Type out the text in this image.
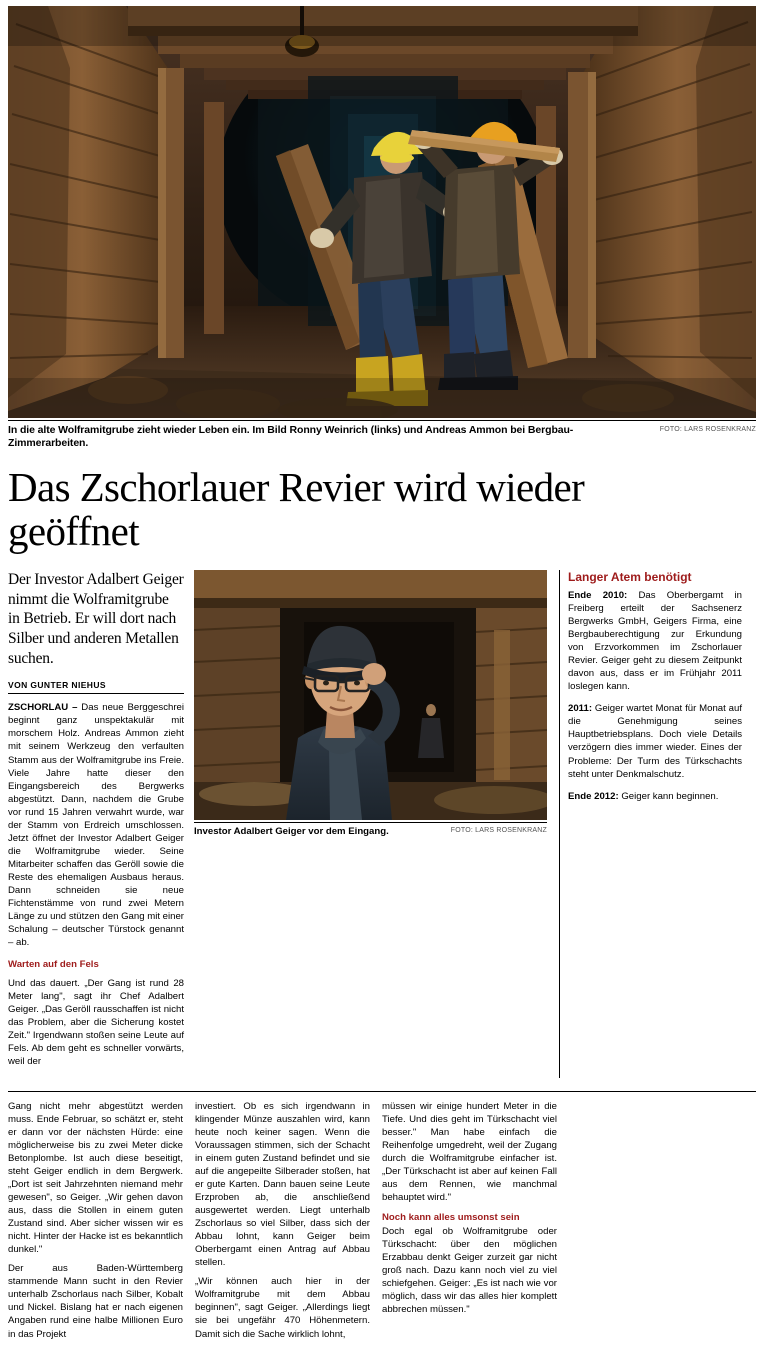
In die alte Wolframitgrube zieht wieder Leben ein. Im Bild Ronny Weinrich (links) und Andreas Ammon bei Bergbau-Zimmerarbeiten.
FOTO: LARS ROSENKRANZ
Das Zschorlauer Revier wird wieder geöffnet

Der Investor Adalbert Geiger nimmt die Wolframitgrube in Betrieb. Er will dort nach Silber und anderen Metallen suchen.

VON GUNTER NIEHUS

ZSCHORLAU – Das neue Berggeschrei beginnt ganz unspektakulär mit morschem Holz. Andreas Ammon zieht mit seinem Werkzeug den verfaulten Stamm aus der Wolframitgrube ins Freie. Viele Jahre hatte dieser den Eingangsbereich des Bergwerks abgestützt. Dann, nachdem die Grube vor rund 15 Jahren verwahrt wurde, war der Stamm von Erdreich umschlossen. Jetzt öffnet der Investor Adalbert Geiger die Wolframitgrube wieder. Seine Mitarbeiter schaffen das Geröll sowie die Reste des ehemaligen Ausbaus heraus. Dann schneiden sie neue Fichtenstämme von rund zwei Metern Länge zu und stützen den Gang mit einer Schalung – deutscher Türstock genannt – ab.

Warten auf den Fels

Und das dauert. „Der Gang ist rund 28 Meter lang", sagt ihr Chef Adalbert Geiger. „Das Geröll rausschaffen ist nicht das Problem, aber die Sicherung kostet Zeit." Irgendwann stoßen seine Leute auf Fels. Ab dem geht es schneller vorwärts, weil der

Investor Adalbert Geiger vor dem Eingang.	FOTO: LARS ROSENKRANZ
Langer Atem benötigt

Ende 2010: Das Oberbergamt in Freiberg erteilt der Sachsenerz Bergwerks GmbH, Geigers Firma, eine Bergbauberechtigung zur Erkundung von Erzvorkommen im Zschorlauer Revier. Geiger geht zu diesem Zeitpunkt davon aus, dass er im Frühjahr 2011 loslegen kann.

2011: Geiger wartet Monat für Monat auf die Genehmigung seines Hauptbetriebsplans. Doch viele Details verzögern dies immer wieder. Eines der Probleme: Der Turm des Türkschachts steht unter Denkmalschutz.

Ende 2012: Geiger kann beginnen.

Gang nicht mehr abgestützt werden muss. Ende Februar, so schätzt er, steht er dann vor der nächsten Hürde: eine möglicherweise bis zu zwei Meter dicke Betonplombe. Ist auch diese beseitigt, steht Geiger endlich in dem Bergwerk. „Dort ist seit Jahrzehnten niemand mehr gewesen", so Geiger. „Wir gehen davon aus, dass die Stollen in einem guten Zustand sind. Aber sicher wissen wir es nicht. Hinter der Hacke ist es bekanntlich dunkel."

Der aus Baden-Württemberg stammende Mann sucht in den Revier unterhalb Zschorlaus nach Silber, Kobalt und Nickel. Bislang hat er nach eigenen Angaben rund eine halbe Millionen Euro in das Projekt

investiert. Ob es sich irgendwann in klingender Münze auszahlen wird, kann heute noch keiner sagen. Wenn die Voraussagen stimmen, sich der Schacht in einem guten Zustand befindet und sie auf die angepeilte Silberader stoßen, hat er gute Karten. Dann bauen seine Leute Erzproben ab, die anschließend ausgewertet werden. Liegt unterhalb Zschorlaus so viel Silber, dass sich der Abbau lohnt, kann Geiger beim Oberbergamt einen Antrag auf Abbau stellen.

„Wir können auch hier in der Wolframitgrube mit dem Abbau beginnen", sagt Geiger. „Allerdings liegt sie bei ungefähr 470 Höhenmetern. Damit sich die Sache wirklich lohnt,

müssen wir einige hundert Meter in die Tiefe. Und dies geht im Türkschacht viel besser." Man habe einfach die Reihenfolge umgedreht, weil der Zugang durch die Wolframitgrube einfacher ist. „Der Türkschacht ist aber auf keinen Fall aus dem Rennen, wie manchmal behauptet wird."

Noch kann alles umsonst sein

Doch egal ob Wolframitgrube oder Türkschacht: über den möglichen Erzabbau denkt Geiger zurzeit gar nicht groß nach. Dazu kann noch viel zu viel schiefgehen. Geiger: „Es ist nach wie vor möglich, dass wir das alles hier komplett abbrechen müssen."
